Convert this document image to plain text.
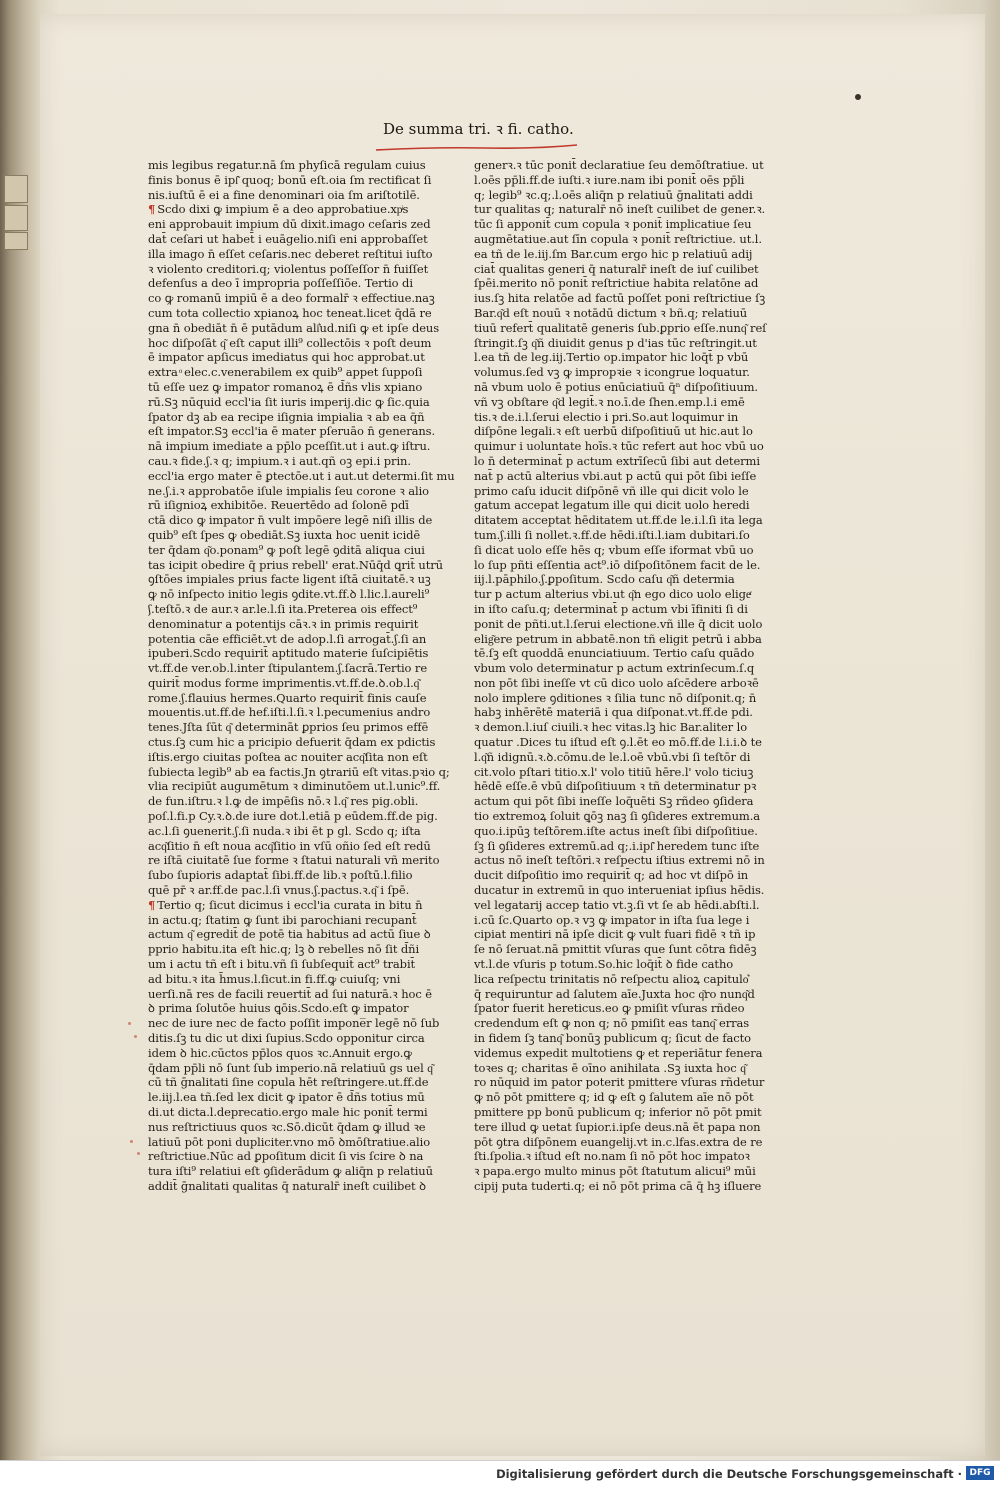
De summa tri. ꝛ fi. catho.
mis legibus regatur.nā ſm phyſicā regulam cuius
finis bonus ē ipſ͂ quoq; bonū eſt.oia ſm rectificat ſi
nis.iuſtū ē ei a fine denominari oia ſm ariſtotilē.
¶ Scdo dixi ꝙ impium ē a deo approbatiue.xpͥs
eni approbauit impium dū dixit.imago ceſaris zed
dat̄ ceſari ut habet̄ i euāgelio.niſi eni approbaſſet
illa imago n̄ eſſet ceſaris.nec deberet reſtitui iuſto
ꝛ violento creditori.q; violentus poſſeſſor n̄ fuiſſet
defenſus a deo ī impropria poſſeſſiōe. Tertio di
co ꝙ romanū impiū ē a deo formalr̄ ꝛ effectiue.naꝫ
cum tota collectio xpianoꝝ hoc teneat.licet q̄dā re
gna n̄ obediāt n̄ ē putādum ali͛ud.niſi ꝙ et ipſe deus
hoc diſpoſāt q͂ eſt caput illi⁹ collectōis ꝛ poſt deum
ē impator apſicus imediatus qui hoc approbat.ut
extra ͦ elec.c.venerabilem ex quib⁹ appet ſuppoſi
tū eſſe uez ꝙ impator romanoꝝ ē d̄ñs vlis xpiano
rū.Sꝫ nūquid eccl'ia ſit iuris imperij.dic ꝙ ſic.quia
ſpator dꝫ ab ea recipe iſignia impialia ꝛ ab ea q̄ñ
eſt impator.Sꝫ eccl'ia ē mater pſeruāo n̄ generans.
nā impium imediate a pp̄lo pceſſit.ut i aut.ꝙ iſtru.
cau.ꝛ fide.ʃ.ꝛ q; impium.ꝛ i aut.qñ oꝫ epi.i prin.
eccl'ia ergo mater ē ꝑtectōe.ut i aut.ut determi.ſit mu
ne.ʃ.i.ꝛ approbatōe iſule impialis ſeu corone ꝛ alio
rū iſignioꝝ exhibitōe. Reuertēdo ad ſolonē pdī
ctā dico ꝙ impator n̄ vult impōere legē niſi illis de
quib⁹ eſt ſpes ꝙ obediāt.Sꝫ iuxta hoc uenit icidē
ter q̄dam q͂o.ponam⁹ ꝙ poſt legē ꝯditā aliqua ciui
tas icipit obedire q̄ prius rebell' erat.Nūq̄d ꝗrit̄ utrū
ꝯſtōes impiales prius facte ligent iſtā ciuitatē.ꝛ uꝫ
ꝙ nō inſpecto initio legis ꝯdite.vt.ff.ꝺ l.lic.l.aureli⁹
ʃ.teſtō.ꝛ de aur.ꝛ ar.le.l.ſi ita.Preterea ois effect⁹
denominatur a potentijs cāꝛ.ꝛ in primis requirit
potentia cāe efficiēt.vt de adop.l.ſi arrogat̄.ʃ.ſi an
ipuberi.Scdo requirit̄ aptitudo materie ſuſcipiētis
vt.ff.de ver.ob.l.inter ſtipulantem.ʃ.ſacrā.Tertio re
quirit̄ modus forme imprimentis.vt.ff.de.ꝺ.ob.l.q͂
rome.ʃ.flauius hermes.Quarto requirit̄ finis cauſe
mouentis.ut.ff.de hef.iſti.l.ſi.ꝛ l.pecumenius andro
tenes.Jſta ſūt q͂ determināt ꝑprios ſeu primos effē
ctus.ſꝫ cum hic a pricipio defuerit q̄dam ex pdictis
iſtis.ergo ciuitas poſtea ac nouiter acq͂ſita non eſt
ſubiecta legib⁹ ab ea factis.Jn ꝯtrariū eſt vitas.pꝛio q;
vlia recipiūt augumētum ꝛ diminutōem ut.l.unic⁹.ff.
de fun.iſtru.ꝛ l.ꝙ de impēſis nō.ꝛ l.q͂ res pig.obli.
poſ.l.fi.p Cy.ꝛ.ꝺ.de iure dot.l.etiā p eūdem.ff.de pig.
ac.l.ſi ꝯuenerit.ʃ.ſi nuda.ꝛ ibi ēt p gl. Scdo q; iſta
acq͂ſitio n̄ eſt noua acq͂ſitio in vſū oñio ſed eſt redū
re iſtā ciuitatē ſue forme ꝛ ſtatui naturali vñ merito
ſubo ſupioris adaptat̄ ſibi.ff.de lib.ꝛ poſtū.l.filio
quē pr̄ ꝛ ar.ff.de pac.l.ſi vnus.ʃ.pactus.ꝛ.q͂ i ſpē.
¶ Tertio q; ſicut dicimus i eccl'ia curata in bitu n̄
in actu.q; ſtatim ꝙ ſunt ibi parochiani recupant̄
actum q͂ egredit̄ de potē tia habitus ad actū ſiue ꝺ
pprio habitu.ita eſt hic.q; lꝫ ꝺ rebelles nō ſit d̄ñi
um i actu tñ eſt i bitu.vñ ſi ſubſequit̄ act⁹ trabit̄
ad bitu.ꝛ ita h̄mus.l.ſicut.in fi.ff.ꝙ cuiuſq; vni
uerſi.nā res de facili reuertit̄ ad ſui naturā.ꝛ hoc ē
ꝺ prima ſolutōe huius ꝗōis.Scdo.eſt ꝙ impator
nec de iure nec de facto poſſit impone̅r legē nō ſub
ditis.ſꝫ tu dic ut dixi ſupius.Scdo opponitur circa
idem ꝺ hic.cūctos pp̄los quos ꝛc.Annuit ergo.ꝙ
q̄dam pp̄li nō ſunt ſub imperio.nā relatiuū gs uel q͂
cū tñ ḡnalitati ſine copula hēt reſtringere.ut.ff.de
le.iij.l.ea tñ.ſed lex dicit ꝙ ipator ē d̄ñs totius mū
di.ut dicta.l.deprecatio.ergo male hic ponit̄ termi
nus reſtrictiuus quos ꝛc.Sō.dicūt q̄dam ꝙ illud ꝛe
latiuū pōt poni dupliciter.vno mō ꝺmōſtratiue.alio
reſtrictiue.Nūc ad ꝑpoſitum dicit ſi vis ſcire ꝺ na
tura iſti⁹ relatiui eſt ꝯſiderādum ꝙ aliq̄n p relatiuū
addit̄ ḡnalitati qualitas q̄ naturalr̄ ineſt cuilibet ꝺ
generꝛ.ꝛ tūc ponit̄ declaratiue ſeu demōſtratiue. ut
l.oēs pp̄li.ff.de iuſti.ꝛ iure.nam ibi ponit̄ oēs pp̄li
q; legib⁹ ꝛc.q;.l.oēs aliq̄n p relatiuū ḡnalitati addi
tur qualitas q; naturalr̄ nō ineſt cuilibet de gener.ꝛ.
tūc ſi apponit̄ cum copula ꝛ ponit̄ implicatiue ſeu
augmētatiue.aut ſīn copula ꝛ ponit̄ reſtrictiue. ut.l.
ea tñ de le.iij.ſm Bar.cum ergo hic p relatiuū adij
ciat̄ qualitas generi q̄ naturalr̄ ineſt de iuſ cuilibet
ſpēi.merito nō ponit̄ reſtrictiue habita relatōne ad
ius.ſꝫ hita relatōe ad factū poſſet poni reſtrictiue ſꝫ
Bar.q͂d eſt nouū ꝛ notādū dictum ꝛ bñ.q; relatiuū
tiuū refert̄ qualitatē generis ſub.ꝑprio eſſe.nunq͂ reſ
ſtringit.ſꝫ q͂ñ diuidit genus p d'ias tūc reſtringit.ut
l.ea tñ de leg.iij.Tertio op.impator hic loq̄t̄ p vbū
volumus.ſed vꝫ ꝙ impropꝛie ꝛ icongrue loquatur.
nā vbum uolo ē potius enūciatiuū q̄ⁿ diſpoſitiuum.
vñ vꝫ obſtare q͂d legit̄.ꝛ no.ī.de ſhen.emp.l.i emē
tis.ꝛ de.i.l.ſerui electio i pri.So.aut loquimur in
diſpōne legali.ꝛ eſt uerbū diſpoſitiuū ut hic.aut lo
quimur i uoluntate hoīs.ꝛ tūc refert aut hoc vbū uo
lo n̄ determinat̄ p actum extrīſecū ſibi aut determi
nat̄ p actū alterius vbi.aut p actū qui pōt ſibi ieſſe
primo caſu iducit diſpōnē vñ ille qui dicit volo le
gatum accepat legatum ille qui dicit uolo heredi
ditatem acceptat hēditatem ut.ff.de le.i.l.ſi ita lega
tum.ʃ.illi ſi nollet.ꝛ.ff.de hēdi.iſti.l.iam dubitari.ſo
ſi dicat uolo eſſe hēs q; vbum eſſe iformat vbū uo
lo ſup pñti eſſentia act⁹.iō diſpoſitōnem facit de le.
iij.l.pāphilo.ʃ.ꝑpoſitum. Scdo caſu q͂ñ determia
tur p actum alterius vbi.ut q͂n ego dico uolo eligeͬ
in iſto caſu.q; determinat̄ p actum vbi īfiniti ſi di
ponit de pñti.ut.l.ſerui electione.vñ ille q̄ dicit uolo
elig͂ere petrum in abbatē.non tñ eligit petrū i abba
tē.ſꝫ eſt quoddā enunciatiuum. Tertio caſu quādo
vbum volo determinatur p actum extrinſecum.ſ.q
non pōt ſibi ineſſe vt cū dico uolo aſcēdere arboꝛē
nolo implere ꝯditiones ꝛ ſilia tunc nō diſponit.q; n̄
habꝫ inhērētē materiā i qua diſponat.vt.ff.de pdi.
ꝛ demon.l.iuſ ciuili.ꝛ hec vitas.lꝫ hic Bar.aliter lo
quatur .Dices tu iſtud eſt ꝯ.l.ēt eo mō.ff.de l.i.i.ꝺ te
l.q͂ñ idignū.ꝛ.ꝺ.cōmu.de le.l.oē vbū.vbi ſi teſtōr di
cit.volo pſtari titio.x.l' volo titiū hēre.l' volo ticiuꝫ
hēdē eſſe.ē vbū diſpoſitiuum ꝛ tñ determinatur pꝛ
actum qui pōt ſibi ineſſe loq̄uēti Sꝫ rñdeo ꝯſidera
tio extremoꝝ ſoluit ꝗōꝫ naꝫ ſi ꝯſideres extremum.a
quo.i.ipūꝫ teſtōrem.iſte actus ineſt ſibi diſpoſitiue.
ſꝫ ſi ꝯſideres extremū.ad q;.i.ipſ͂ heredem tunc iſte
actus nō ineſt teſtōri.ꝛ reſpectu iſtius extremi nō in
ducit diſpoſitio imo requirit̄ q; ad hoc vt diſpō in
ducatur in extremū in quo interueniat ipſius hēdis.
vel legatarij accep tatio vt.ꝫ.ſi vt ſe ab hēdi.abſti.l.
i.cū ſc.Quarto op.ꝛ vꝫ ꝙ impator in iſta ſua lege i
cipiat mentiri nā ipſe dicit ꝙ vult fuari fidē ꝛ tñ ip
ſe nō ſeruat.nā pmittit vſuras que ſunt cōtra fidēꝫ
vt.l.de vſuris p totum.So.hic loq̄it̄ ꝺ fide catho
lica reſpectu trinitatis nō reſpectu alioꝝ capitulo͛
q̄ requiruntur ad ſalutem aīe.Juxta hoc q͂ro nunq͂d
ſpator fuerit hereticus.eo ꝙ pmiſit vſuras rñdeo
credendum eſt ꝙ non q; nō pmiſit eas tanq͂ erras
in fidem ſꝫ tanq͂ bonūꝫ publicum q; ſicut de facto
videmus expedit multotiens ꝙ et reperiātur fenera
toꝛes q; charitas ē oīno anihilata .Sꝫ iuxta hoc q͂
ro nūquid im pator poterit pmittere vſuras rñdetur
ꝙ nō pōt pmittere q; id ꝙ eſt ꝯ ſalutem aīe nō pōt
pmittere pp bonū publicum q; inferior nō pōt pmit
tere illud ꝙ uetat ſupior.i.ipſe deus.nā ēt papa non
pōt ꝯtra diſpōnem euangelij.vt in.c.lfas.extra de re
ſti.ſpolia.ꝛ iſtud eſt no.nam ſi nō pōt hoc impatoꝛ
ꝛ papa.ergo multo minus pōt ſtatutum alicui⁹ mūi
cipij puta tuderti.q; ei nō pōt prima cā q̄ hꝫ iſluere
Digitalisierung gefördert durch die Deutsche Forschungsgemeinschaft · DFG
